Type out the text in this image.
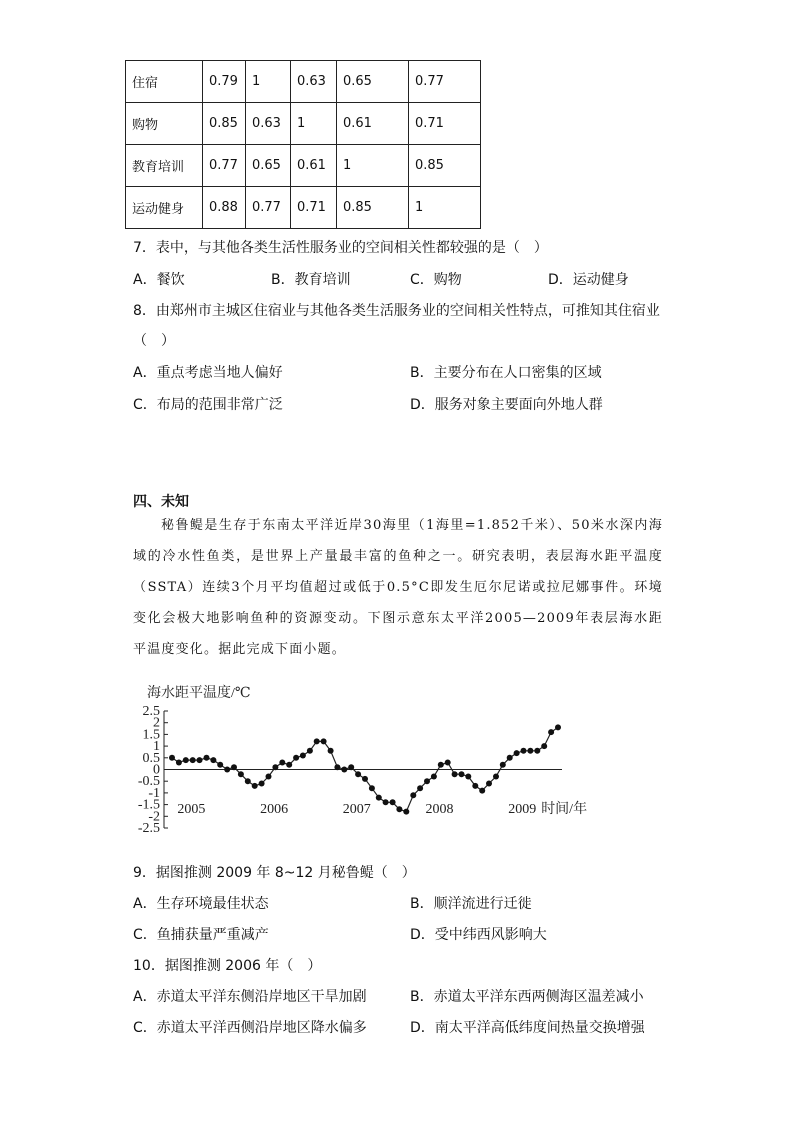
住宿	0.79	1	0.63	0.65	0.77
购物	0.85	0.63	1	0.61	0.71
教育培训	0.77	0.65	0.61	1	0.85
运动健身	0.88	0.77	0.71	0.85	1
7．表中，与其他各类生活性服务业的空间相关性都较强的是（　）
A．餐饮	B．教育培训	C．购物	D．运动健身
8．由郑州市主城区住宿业与其他各类生活服务业的空间相关性特点，可推知其住宿业
（　）
A．重点考虑当地人偏好	B．主要分布在人口密集的区域
C．布局的范围非常广泛	D．服务对象主要面向外地人群
四、未知

秘鲁鳀是生存于东南太平洋近岸30海里（1海里=1.852千米）、50米水深内海域的冷水性鱼类，是世界上产量最丰富的鱼种之一。研究表明，表层海水距平温度（SSTA）连续3个月平均值超过或低于0.5°C即发生厄尔尼诺或拉尼娜事件。环境变化会极大地影响鱼种的资源变动。下图示意东太平洋2005—2009年表层海水距平温度变化。据此完成下面小题。

海水距平温度/℃
2.5
2
1.5
1
0.5
0
-0.5
-1
-1.5
-2
-2.5
2005	2006	2007	2008	2009 时间/年
9．据图推测 2009 年 8~12 月秘鲁鳀（　）
A．生存环境最佳状态	B．顺洋流进行迁徙
C．鱼捕获量严重减产	D．受中纬西风影响大
10．据图推测 2006 年（　）
A．赤道太平洋东侧沿岸地区干旱加剧	B．赤道太平洋东西两侧海区温差减小
C．赤道太平洋西侧沿岸地区降水偏多	D．南太平洋高低纬度间热量交换增强
